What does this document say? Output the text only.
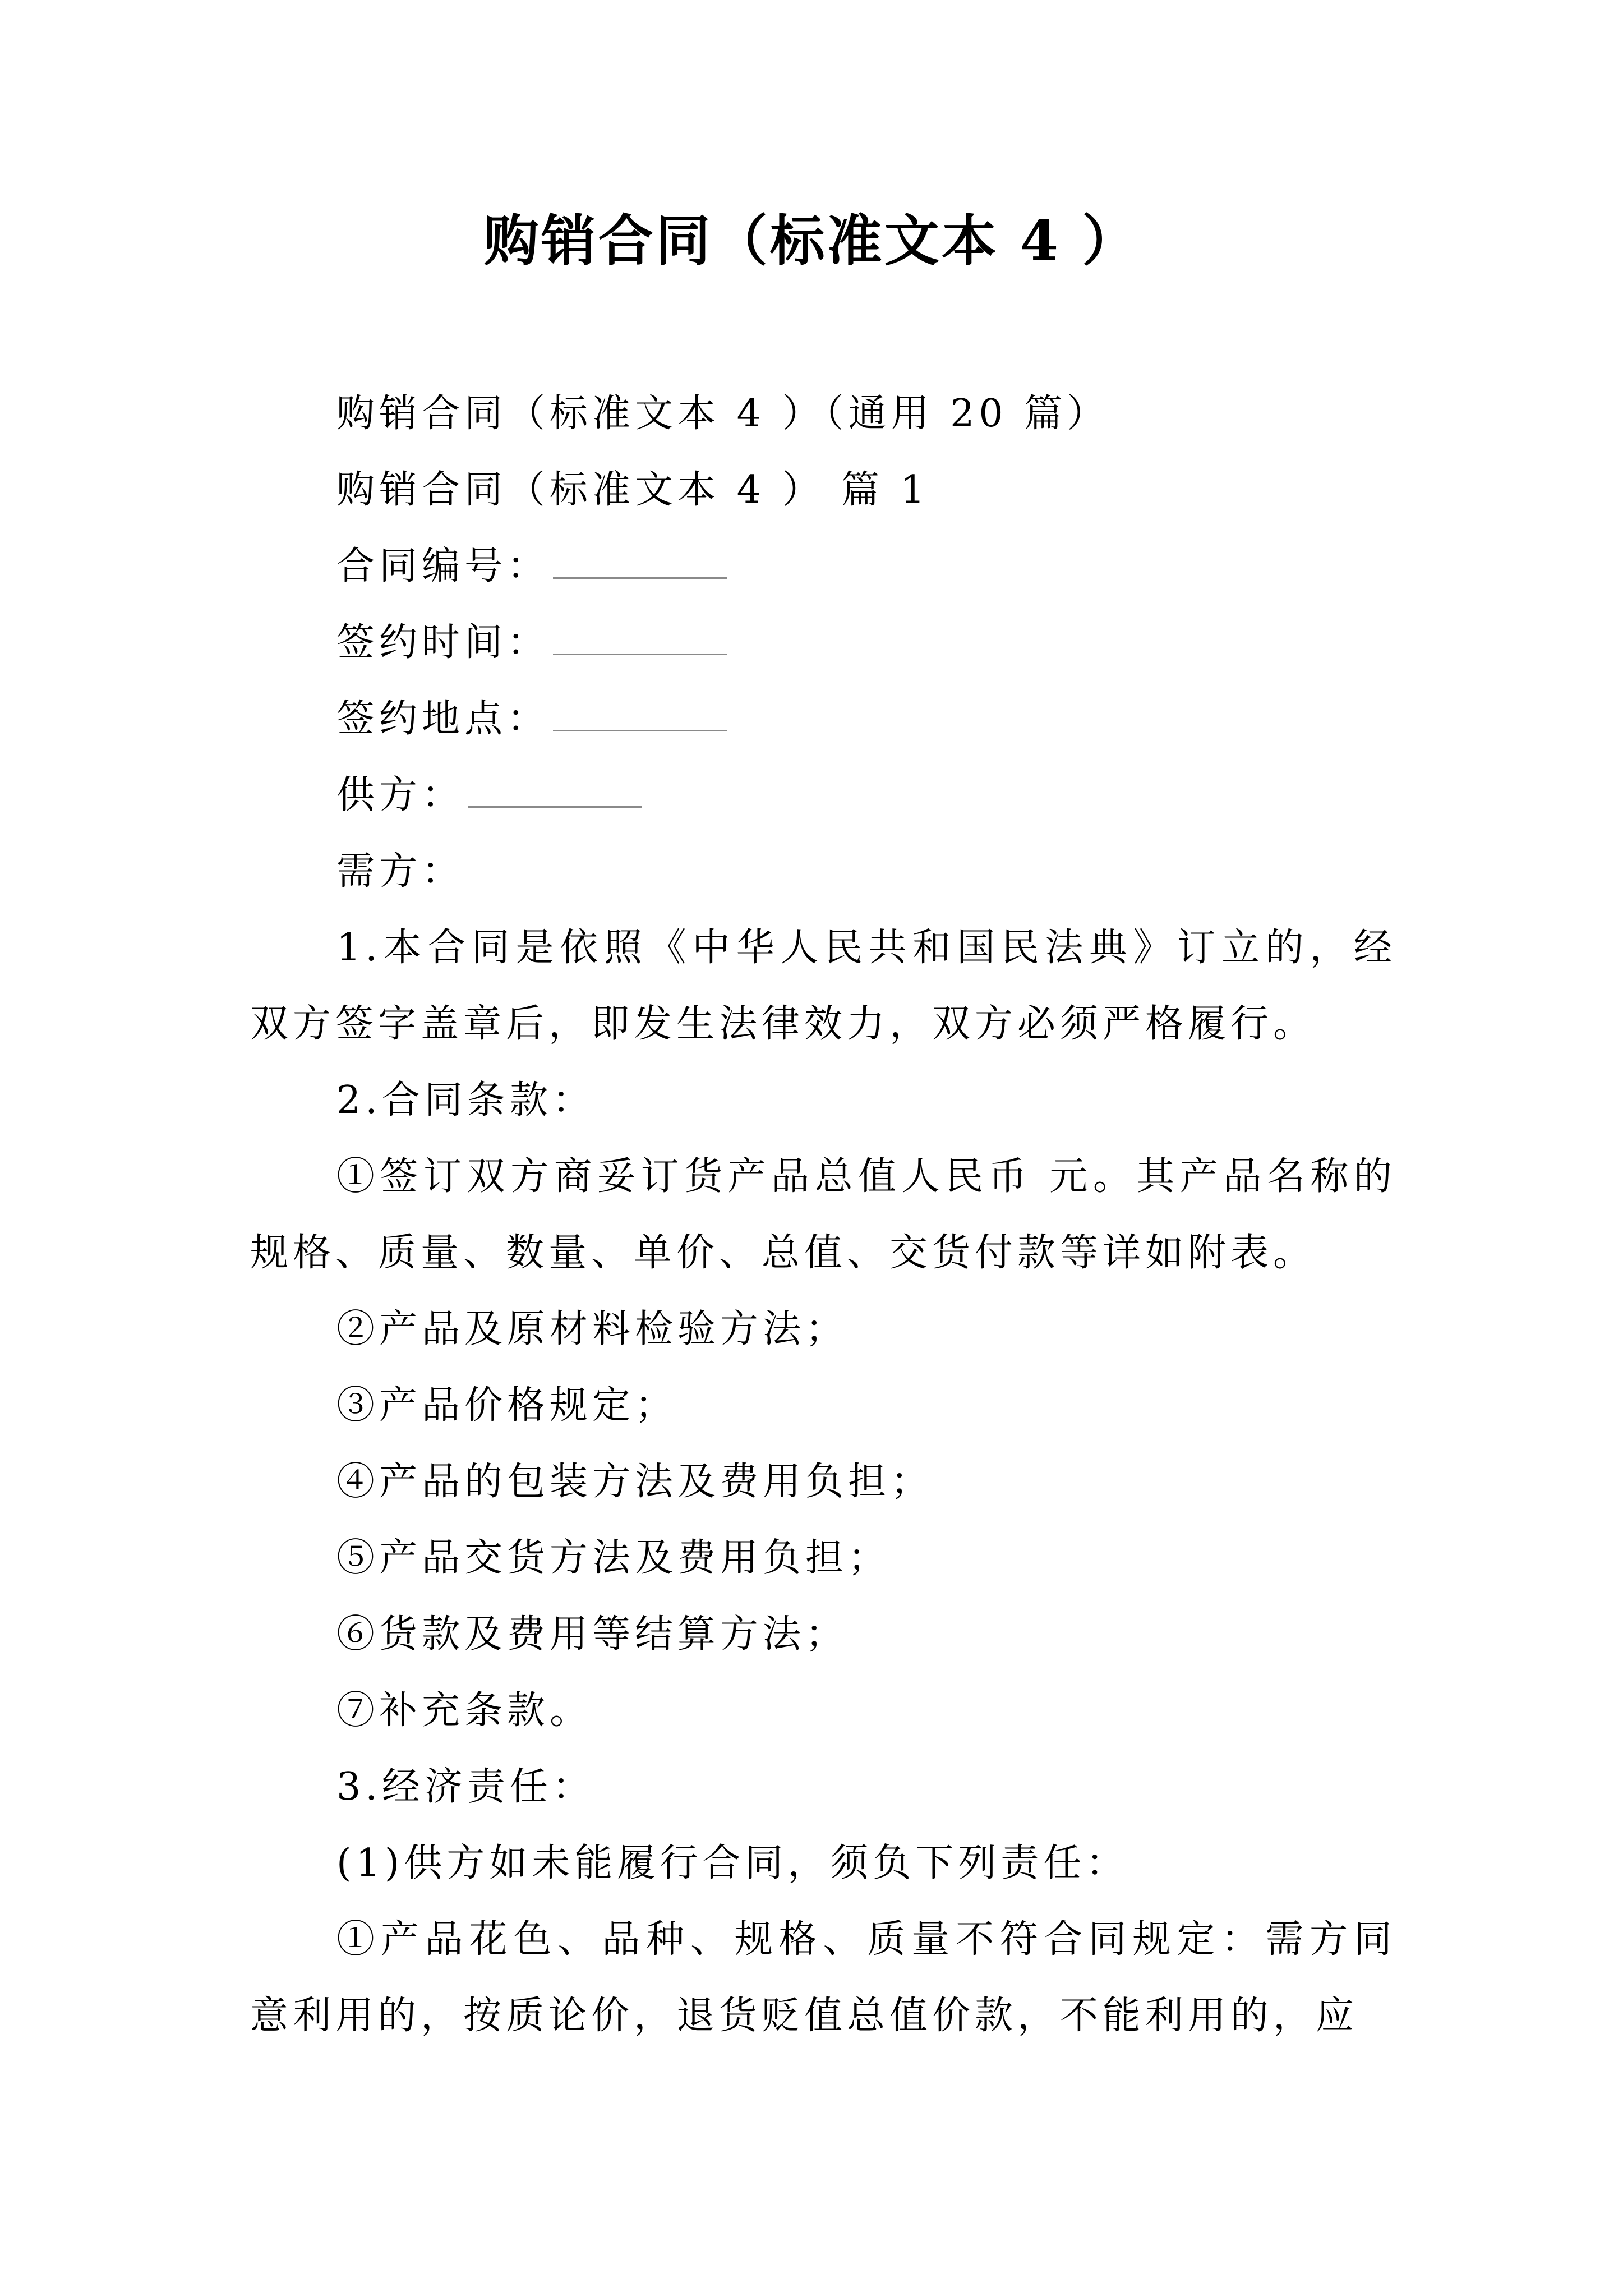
购销合同（标准文本 4 ）

购销合同（标准文本 4 ）（通用 20 篇）

购销合同（标准文本 4 ） 篇 1

合同编号：

签约时间：

签约地点：

供方：

需方：

1.本合同是依照《中华人民共和国民法典》订立的，经双方签字盖章后，即发生法律效力，双方必须严格履行。

2.合同条款：

①签订双方商妥订货产品总值人民币 元。其产品名称的规格、质量、数量、单价、总值、交货付款等详如附表。

②产品及原材料检验方法；

③产品价格规定；

④产品的包装方法及费用负担；

⑤产品交货方法及费用负担；

⑥货款及费用等结算方法；

⑦补充条款。

3.经济责任：

(1)供方如未能履行合同，须负下列责任：

①产品花色、品种、规格、质量不符合同规定：需方同意利用的，按质论价，退货贬值总值价款，不能利用的，应
